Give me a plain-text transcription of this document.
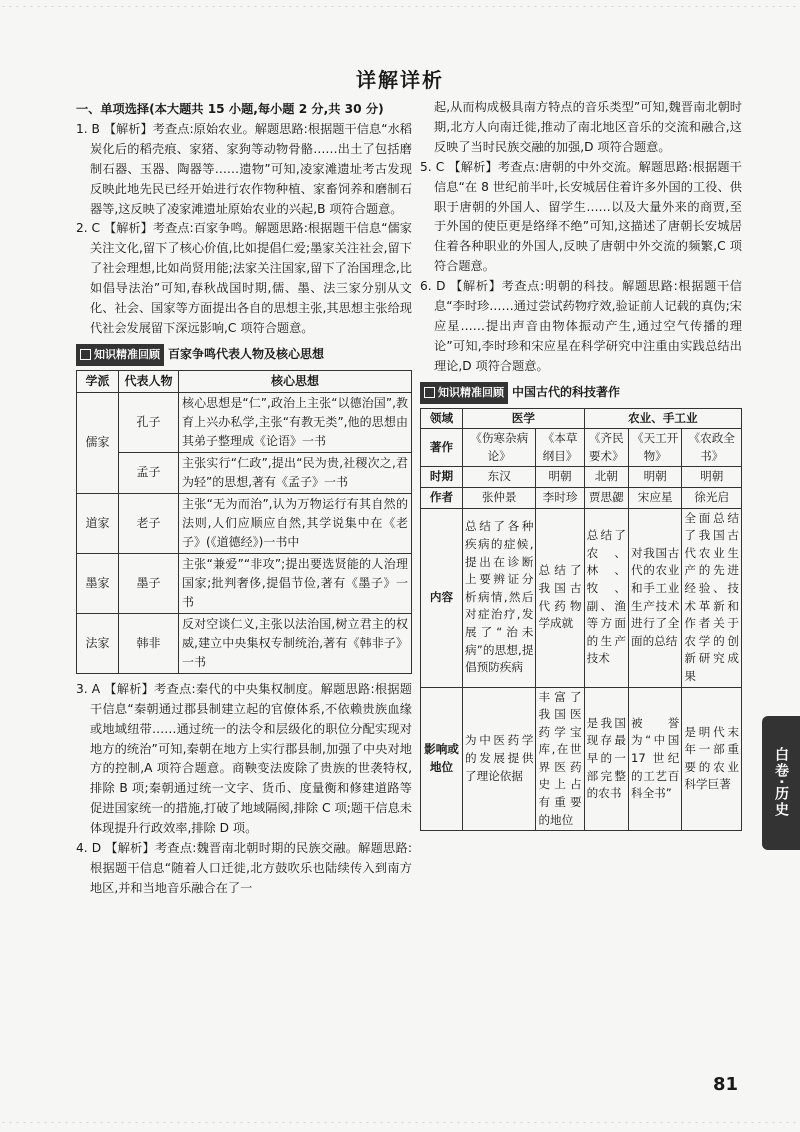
详解详析
一、单项选择(本大题共 15 小题,每小题 2 分,共 30 分)
1. B 【解析】考查点:原始农业。解题思路:根据题干信息“水稻炭化后的稻壳痕、家猪、家狗等动物骨骼……出土了包括磨制石器、玉器、陶器等……遗物”可知,凌家滩遗址考古发现反映此地先民已经开始进行农作物种植、家畜饲养和磨制石器等,这反映了凌家滩遗址原始农业的兴起,B 项符合题意。
2. C 【解析】考查点:百家争鸣。解题思路:根据题干信息“儒家关注文化,留下了核心价值,比如提倡仁爱;墨家关注社会,留下了社会理想,比如尚贤用能;法家关注国家,留下了治国理念,比如倡导法治”可知,春秋战国时期,儒、墨、法三家分别从文化、社会、国家等方面提出各自的思想主张,其思想主张给现代社会发展留下深远影响,C 项符合题意。
知识精准回顾 百家争鸣代表人物及核心思想
学派	代表人物	核心思想
儒家	孔子	核心思想是“仁”,政治上主张“以德治国”,教育上兴办私学,主张“有教无类”,他的思想由其弟子整理成《论语》一书
	孟子	主张实行“仁政”,提出“民为贵,社稷次之,君为轻”的思想,著有《孟子》一书
道家	老子	主张“无为而治”,认为万物运行有其自然的法则,人们应顺应自然,其学说集中在《老子》(《道德经》)一书中
墨家	墨子	主张“兼爱”“非攻”;提出要选贤能的人治理国家;批判奢侈,提倡节俭,著有《墨子》一书
法家	韩非	反对空谈仁义,主张以法治国,树立君主的权威,建立中央集权专制统治,著有《韩非子》一书
3. A 【解析】考查点:秦代的中央集权制度。解题思路:根据题干信息“秦朝通过郡县制建立起的官僚体系,不依赖贵族血缘或地域纽带……通过统一的法令和层级化的职位分配实现对地方的统治”可知,秦朝在地方上实行郡县制,加强了中央对地方的控制,A 项符合题意。商鞅变法废除了贵族的世袭特权,排除 B 项;秦朝通过统一文字、货币、度量衡和修建道路等促进国家统一的措施,打破了地域隔阂,排除 C 项;题干信息未体现提升行政效率,排除 D 项。
4. D 【解析】考查点:魏晋南北朝时期的民族交融。解题思路:根据题干信息“随着人口迁徙,北方鼓吹乐也陆续传入到南方地区,并和当地音乐融合在了一
起,从而构成极具南方特点的音乐类型”可知,魏晋南北朝时期,北方人向南迁徙,推动了南北地区音乐的交流和融合,这反映了当时民族交融的加强,D 项符合题意。
5. C 【解析】考查点:唐朝的中外交流。解题思路:根据题干信息“在 8 世纪前半叶,长安城居住着许多外国的工役、供职于唐朝的外国人、留学生……以及大量外来的商贾,至于外国的使臣更是络绎不绝”可知,这描述了唐朝长安城居住着各种职业的外国人,反映了唐朝中外交流的频繁,C 项符合题意。
6. D 【解析】考查点:明朝的科技。解题思路:根据题干信息“李时珍……通过尝试药物疗效,验证前人记载的真伪;宋应星……提出声音由物体振动产生,通过空气传播的理论”可知,李时珍和宋应星在科学研究中注重由实践总结出理论,D 项符合题意。
知识精准回顾 中国古代的科技著作
领域	医学		农业、手工业		
著作	《伤寒杂病论》	《本草纲目》	《齐民要术》	《天工开物》	《农政全书》
时期	东汉	明朝	北朝	明朝	明朝
作者	张仲景	李时珍	贾思勰	宋应星	徐光启
内容	总结了各种疾病的症候,提出在诊断上要辨证分析病情,然后对症治疗,发展了“治未病”的思想,提倡预防疾病	总结了我国古代药物学成就	总结了农、林、牧、副、渔等方面的生产技术	对我国古代的农业和手工业生产技术进行了全面的总结	全面总结了我国古代农业生产的先进经验、技术革新和作者关于农学的创新研究成果
影响或地位	为中医药学的发展提供了理论依据	丰富了我国医药学宝库,在世界医药史上占有重要的地位	是我国现存最早的一部完整的农书	被誉为“中国 17 世纪的工艺百科全书”	是明代末年一部重要的农业科学巨著	白卷·历史
81
